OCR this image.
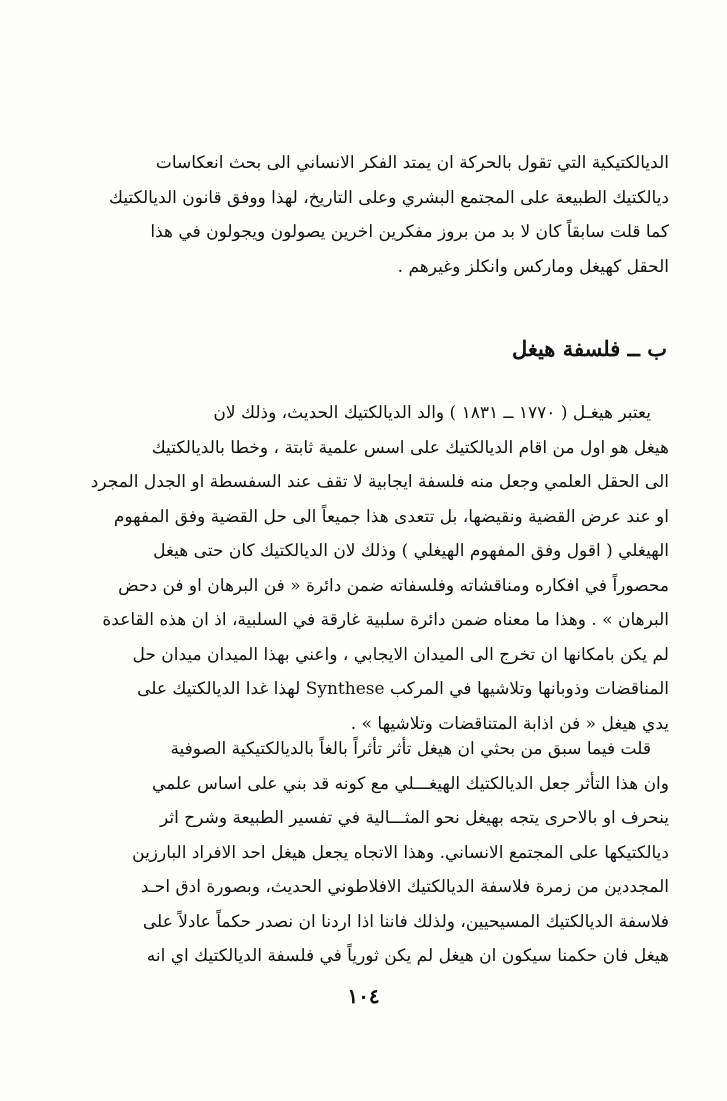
الديالكتيكية التي تقول بالحركة ان يمتد الفكر الانساني الى بحث انعكاسات
ديالكتيك الطبيعة على المجتمع البشري وعلى التاريخ، لهذا ووفق قانون الديالكتيك
كما قلت سابقاً كان لا بد من بروز مفكرين اخرين يصولون ويجولون في هذا
الحقل كهيغل وماركس وانكلز وغيرهم .

ب ــ فلسفة هيغل

يعتبر هيغـل ( ١٧٧٠ ــ ١٨٣١ ) والد الديالكتيك الحديث، وذلك لان
هيغل هو اول من اقام الديالكتيك على اسس علمية ثابتة ، وخطا بالديالكتيك
الى الحقل العلمي وجعل منه فلسفة ايجابية لا تقف عند السفسطة او الجدل المجرد
او عند عرض القضية ونقيضها، بل تتعدى هذا جميعاً الى حل القضية وفق المفهوم
الهيغلي ( اقول وفق المفهوم الهيغلي ) وذلك لان الديالكتيك كان حتى هيغل
محصوراً في افكاره ومناقشاته وفلسفاته ضمن دائرة « فن البرهان او فن دحض
البرهان » . وهذا ما معناه ضمن دائرة سلبية غارقة في السلبية، اذ ان هذه القاعدة
لم يكن بامكانها ان تخرج الى الميدان الايجابي ، واعني بهذا الميدان ميدان حل
المناقضات وذوبانها وتلاشيها في المركب Synthese لهذا غدا الديالكتيك على
يدي هيغل « فن اذابة المتناقضات وتلاشيها » .

قلت فيما سبق من بحثي ان هيغل تأثر تأثراً بالغاً بالديالكتيكية الصوفية
وان هذا التأثر جعل الديالكتيك الهيغـــلي مع كونه قد بني على اساس علمي
ينحرف او بالاحرى يتجه بهيغل نحو المثـــالية في تفسير الطبيعة وشرح اثر
ديالكتيكها على المجتمع الانساني. وهذا الاتجاه يجعل هيغل احد الافراد البارزين
المجددين من زمرة فلاسفة الديالكتيك الافلاطوني الحديث، وبصورة ادق احـد
فلاسفة الديالكتيك المسيحيين، ولذلك فاننا اذا اردنا ان نصدر حكماً عادلاً على
هيغل فان حكمنا سيكون ان هيغل لم يكن ثورياً في فلسفة الديالكتيك اي انه

١٠٤
